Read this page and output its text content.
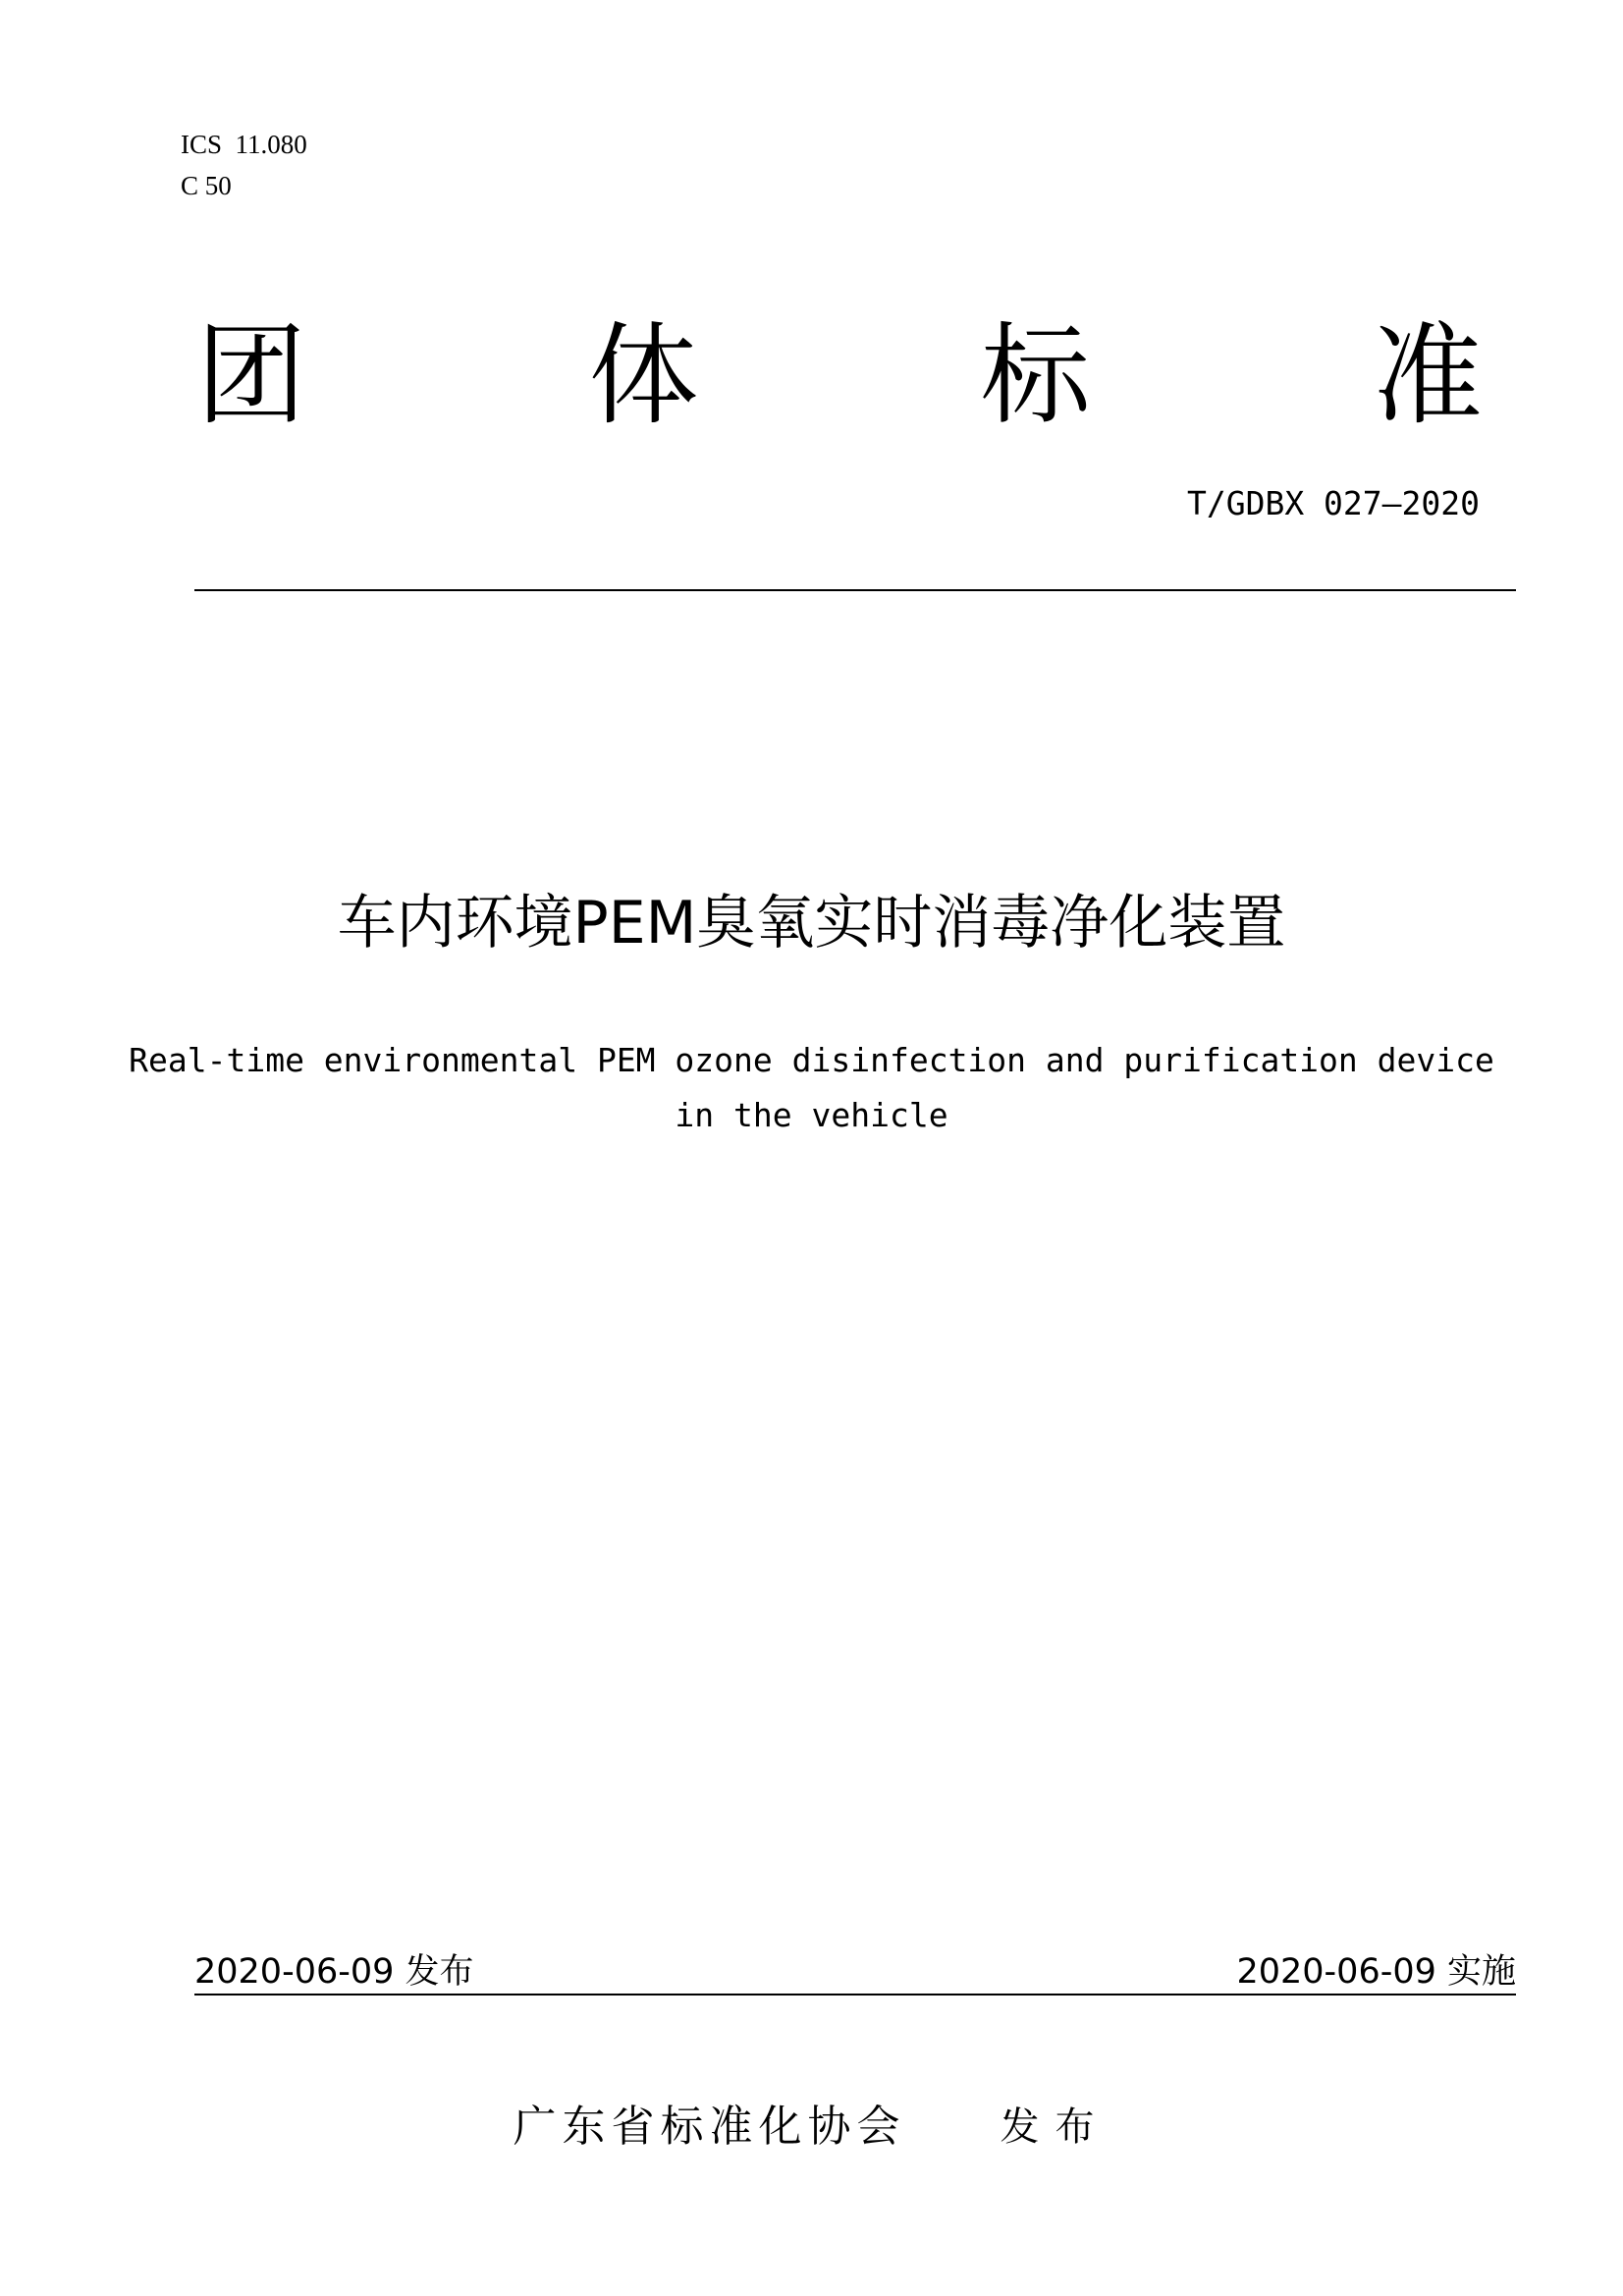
ICS  11.080
C 50
团	体	标	准
T/GDBX 027—2020
车内环境PEM臭氧实时消毒净化装置
Real-time environmental PEM ozone disinfection and purification device
in the vehicle
2020-06-09 发布	2020-06-09 实施
广东省标准化协会 发布
